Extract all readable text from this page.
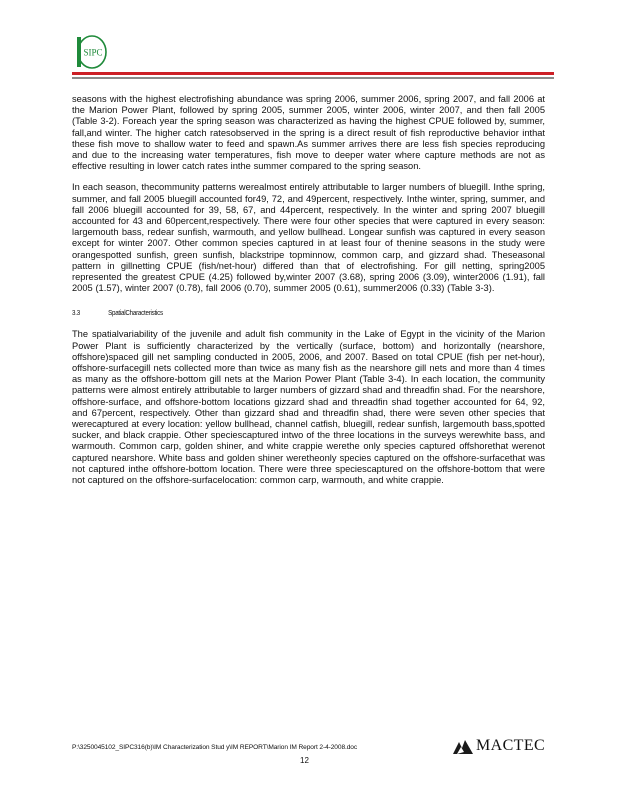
SIPC

seasons with the highest electrofishing abundance was spring 2006, summer 2006, spring 2007, and fall 2006 at the Marion Power Plant, followed by spring 2005, summer 2005, winter 2006, winter 2007, and then fall 2005 (Table 3-2). Foreach year the spring season was characterized as having the highest CPUE followed by, summer, fall,and winter. The higher catch ratesobserved in the spring is a direct result of fish reproductive behavior inthat these fish move to shallow water to feed and spawn.As summer arrives there are less fish species reproducing and due to the increasing water temperatures, fish move to deeper water where capture methods are not as effective resulting in lower catch rates inthe summer compared to the spring season.

In each season, thecommunity patterns werealmost entirely attributable to larger numbers of bluegill. Inthe spring, summer, and fall 2005 bluegill accounted for49, 72, and 49percent, respectively. Inthe winter, spring, summer, and fall 2006 bluegill accounted for 39, 58, 67, and 44percent, respectively. In the winter and spring 2007 bluegill accounted for 43 and 60percent,respectively. There were four other species that were captured in every season: largemouth bass, redear sunfish, warmouth, and yellow bullhead. Longear sunfish was captured in every season except for winter 2007. Other common species captured in at least four of thenine seasons in the study were orangespotted sunfish, green sunfish, blackstripe topminnow, common carp, and gizzard shad. Theseasonal pattern in gillnetting CPUE (fish/net-hour) differed than that of electrofishing. For gill netting, spring2005 represented the greatest CPUE (4.25) followed by,winter 2007 (3.68), spring 2006 (3.09), winter2006 (1.91), fall 2005 (1.57), winter 2007 (0.78), fall 2006 (0.70), summer 2005 (0.61), summer2006 (0.33) (Table 3-3).

3.3	SpatialCharacteristics

The spatialvariability of the juvenile and adult fish community in the Lake of Egypt in the vicinity of the Marion Power Plant is sufficiently characterized by the vertically (surface, bottom) and horizontally (nearshore, offshore)spaced gill net sampling conducted in 2005, 2006, and 2007. Based on total CPUE (fish per net-hour), offshore-surfacegill nets collected more than twice as many fish as the nearshore gill nets and more than 4 times as many as the offshore-bottom gill nets at the Marion Power Plant (Table 3-4). In each location, the community patterns were almost entirely attributable to larger numbers of gizzard shad and threadfin shad. For the nearshore, offshore-surface, and offshore-bottom locations gizzard shad and threadfin shad together accounted for 64, 92, and 67percent, respectively. Other than gizzard shad and threadfin shad, there were seven other species that werecaptured at every location: yellow bullhead, channel catfish, bluegill, redear sunfish, largemouth bass,spotted sucker, and black crappie. Other speciescaptured intwo of the three locations in the surveys werewhite bass, and warmouth. Common carp, golden shiner, and white crappie werethe only species captured offshorethat werenot captured nearshore. White bass and golden shiner weretheonly species captured on the offshore-surfacethat was not captured inthe offshore-bottom location. There were three speciescaptured on the offshore-bottom that were not captured on the offshore-surfacelocation: common carp, warmouth, and white crappie.

P:\3250045102_SIPC316(b)\IM Characterization Stud y\IM REPORT\Marion IM Report 2-4-2008.doc
12
MACTEC
